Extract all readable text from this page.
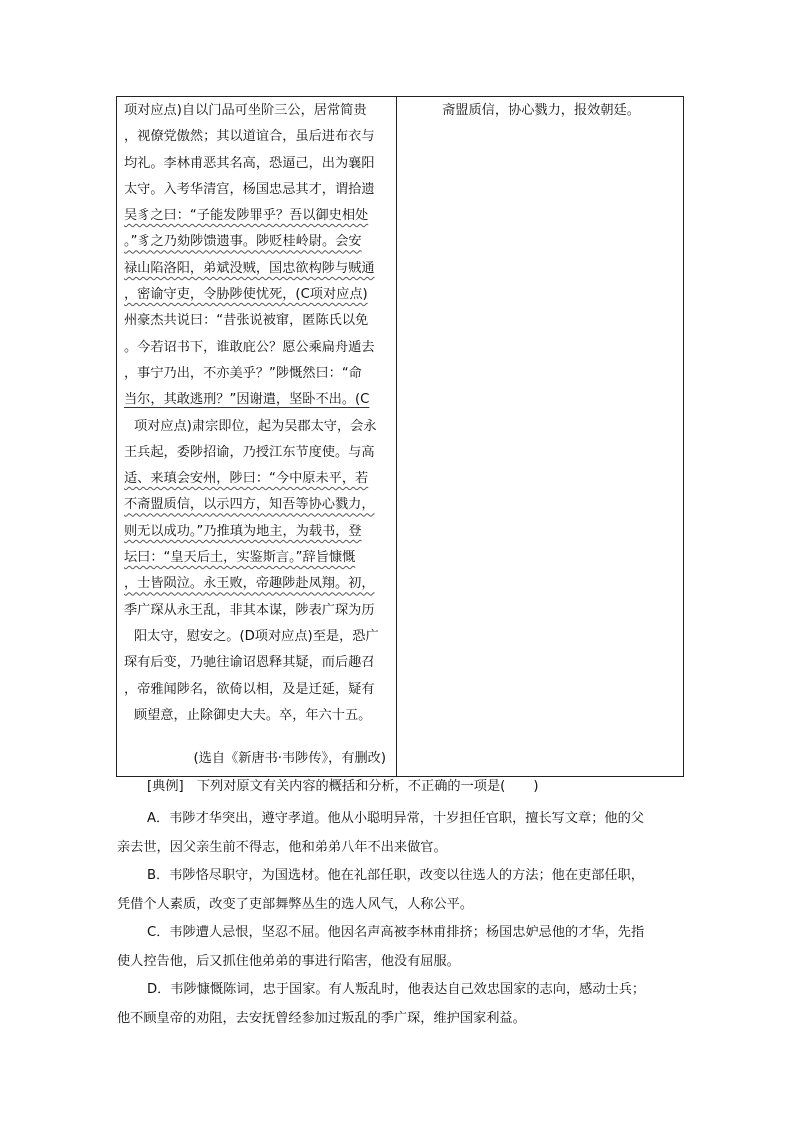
项对应点)自以门品可坐阶三公，居常简贵
，视僚党傲然；其以道谊合，虽后进布衣与
均礼。李林甫恶其名高，恐逼己，出为襄阳
太守。入考华清宫，杨国忠忌其才，谓拾遗
吴豸之曰：“子能发陟罪乎？吾以御史相处
。”豸之乃劾陟馈遗事。陟贬桂岭尉。会安
禄山陷洛阳，弟斌没贼，国忠欲构陟与贼通
，密谕守吏，令胁陟使忧死，(C项对应点)
州豪杰共说曰：“昔张说被窜，匿陈氏以免
。今若诏书下，谁敢庇公？愿公乘扁舟遁去
，事宁乃出，不亦美乎？”陟慨然曰：“命
当尔，其敢逃刑？”因谢遣，坚卧不出。(C
项对应点)肃宗即位，起为吴郡太守，会永
王兵起，委陟招谕，乃授江东节度使。与高
适、来瑱会安州，陟曰：“今中原未平，若
不斋盟质信，以示四方，知吾等协心戮力，
则无以成功。”乃推瑱为地主，为载书，登
坛曰：“皇天后土，实鉴斯言。”辞旨慷慨
，士皆陨泣。永王败，帝趣陟赴凤翔。初，
季广琛从永王乱，非其本谋，陟表广琛为历
阳太守，慰安之。(D项对应点)至是，恐广
琛有后变，乃驰往谕诏恩释其疑，而后趣召
，帝雅闻陟名，欲倚以相，及是迁延，疑有
顾望意，止除御史大夫。卒，年六十五。
(选自《新唐书·韦陟传》，有删改)
斋盟质信，协心戮力，报效朝廷。
[典例]　下列对原文有关内容的概括和分析，不正确的一项是( )
A．韦陟才华突出，遵守孝道。他从小聪明异常，十岁担任官职，擅长写文章；他的父
亲去世，因父亲生前不得志，他和弟弟八年不出来做官。
B．韦陟恪尽职守，为国选材。他在礼部任职，改变以往选人的方法；他在吏部任职，
凭借个人素质，改变了吏部舞弊丛生的选人风气，人称公平。
C．韦陟遭人忌恨，坚忍不屈。他因名声高被李林甫排挤；杨国忠妒忌他的才华，先指
使人控告他，后又抓住他弟弟的事进行陷害，他没有屈服。
D．韦陟慷慨陈词，忠于国家。有人叛乱时，他表达自己效忠国家的志向，感动士兵；
他不顾皇帝的劝阻，去安抚曾经参加过叛乱的季广琛，维护国家利益。
